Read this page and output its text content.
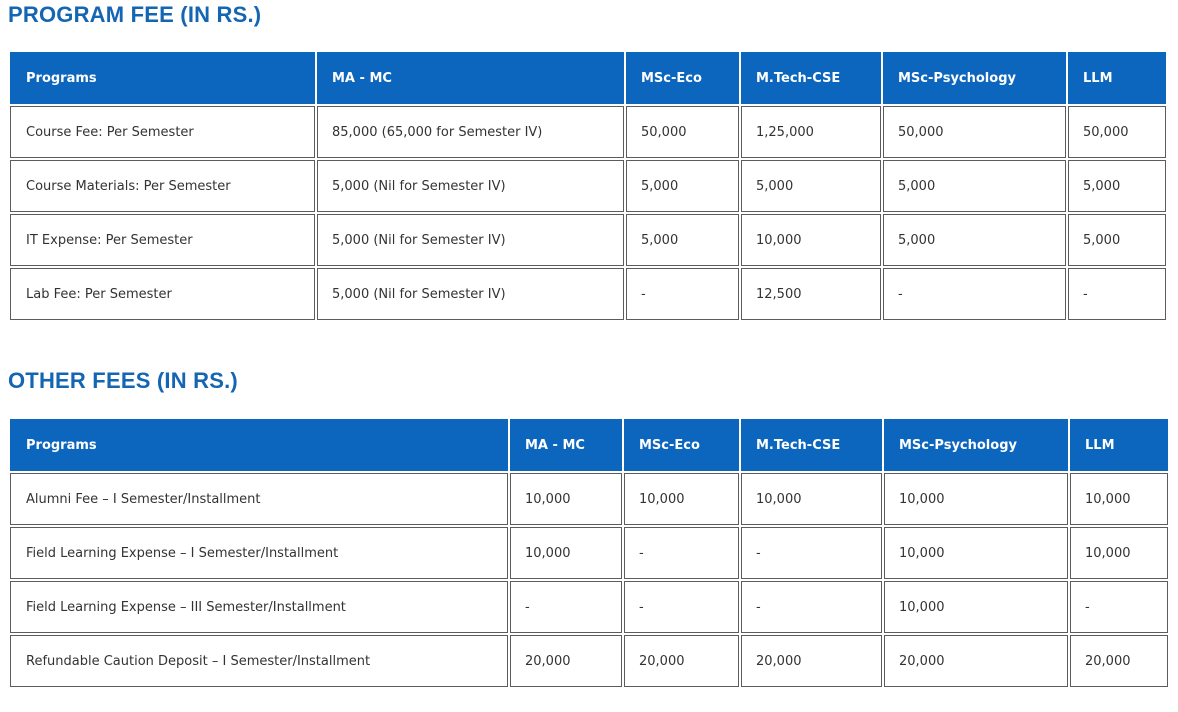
PROGRAM FEE (IN RS.)
Programs	MA - MC	MSc-Eco	M.Tech-CSE	MSc-Psychology	LLM
Course Fee: Per Semester	85,000 (65,000 for Semester IV)	50,000	1,25,000	50,000	50,000
Course Materials: Per Semester	5,000 (Nil for Semester IV)	5,000	5,000	5,000	5,000
IT Expense: Per Semester	5,000 (Nil for Semester IV)	5,000	10,000	5,000	5,000
Lab Fee: Per Semester	5,000 (Nil for Semester IV)	-	12,500	-	-
OTHER FEES (IN RS.)
Programs	MA - MC	MSc-Eco	M.Tech-CSE	MSc-Psychology	LLM
Alumni Fee – I Semester/Installment	10,000	10,000	10,000	10,000	10,000
Field Learning Expense – I Semester/Installment	10,000	-	-	10,000	10,000
Field Learning Expense – III Semester/Installment	-	-	-	10,000	-
Refundable Caution Deposit – I Semester/Installment	20,000	20,000	20,000	20,000	20,000
